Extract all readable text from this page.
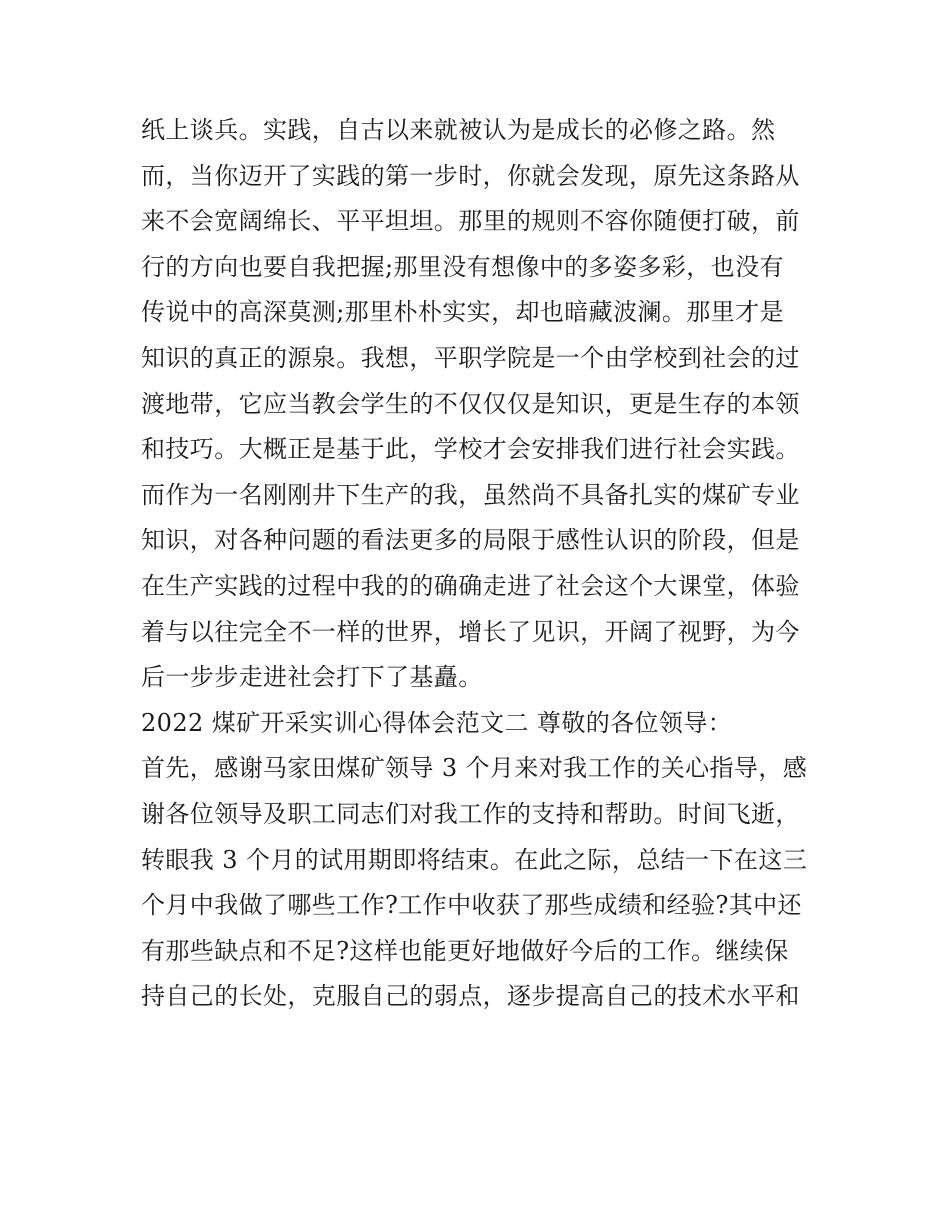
纸上谈兵。实践，自古以来就被认为是成长的必修之路。然
而，当你迈开了实践的第一步时，你就会发现，原先这条路从
来不会宽阔绵长、平平坦坦。那里的规则不容你随便打破，前
行的方向也要自我把握;那里没有想像中的多姿多彩，也没有
传说中的高深莫测;那里朴朴实实，却也暗藏波澜。那里才是
知识的真正的源泉。我想，平职学院是一个由学校到社会的过
渡地带，它应当教会学生的不仅仅仅是知识，更是生存的本领
和技巧。大概正是基于此，学校才会安排我们进行社会实践。
而作为一名刚刚井下生产的我，虽然尚不具备扎实的煤矿专业
知识，对各种问题的看法更多的局限于感性认识的阶段，但是
在生产实践的过程中我的的确确走进了社会这个大课堂，体验
着与以往完全不一样的世界，增长了见识，开阔了视野，为今
后一步步走进社会打下了基矗。
2022 煤矿开采实训心得体会范文二 尊敬的各位领导：
首先，感谢马家田煤矿领导 3 个月来对我工作的关心指导，感
谢各位领导及职工同志们对我工作的支持和帮助。时间飞逝，
转眼我 3 个月的试用期即将结束。在此之际，总结一下在这三
个月中我做了哪些工作?工作中收获了那些成绩和经验?其中还
有那些缺点和不足?这样也能更好地做好今后的工作。继续保
持自己的长处，克服自己的弱点，逐步提高自己的技术水平和
